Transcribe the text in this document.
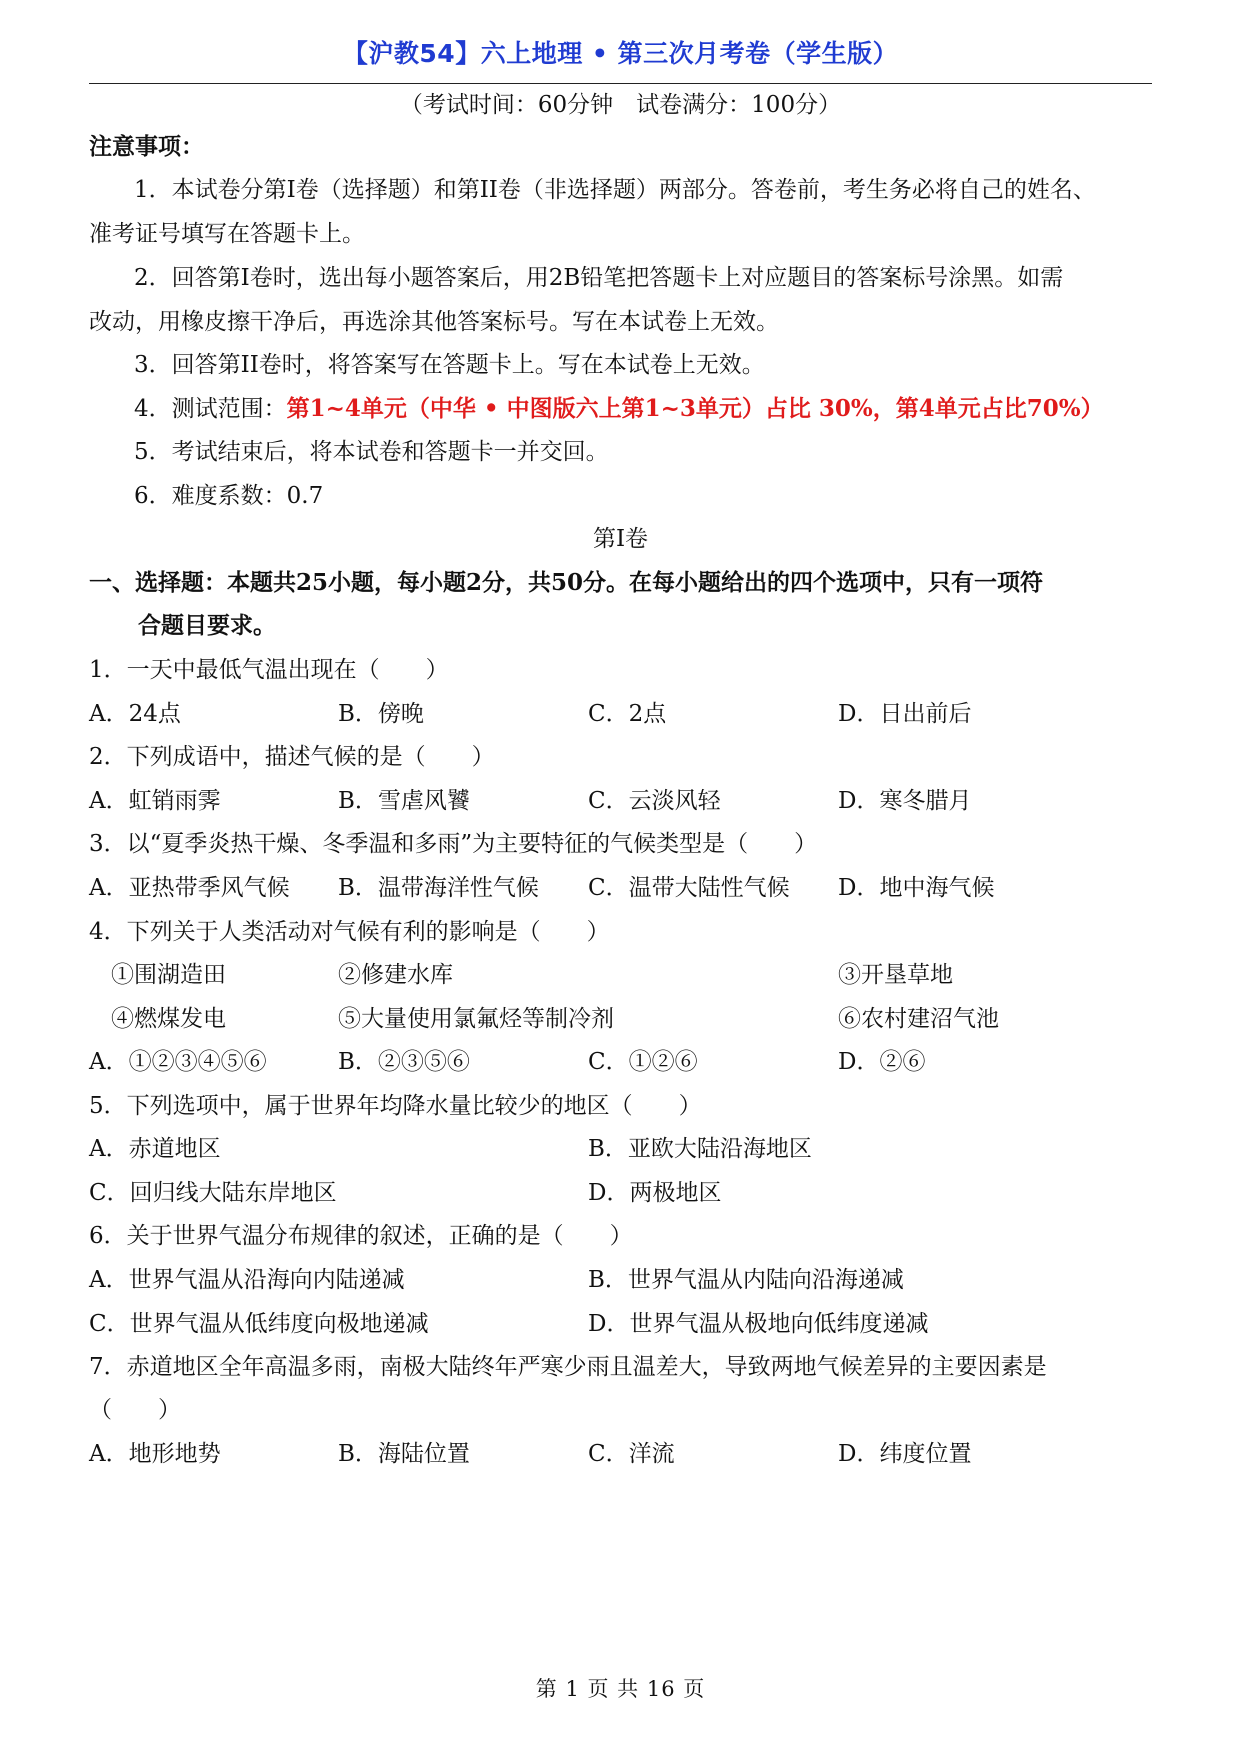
【沪教54】六上地理 • 第三次月考卷（学生版）
（考试时间：60分钟　试卷满分：100分）
注意事项：
1．本试卷分第I卷（选择题）和第II卷（非选择题）两部分。答卷前，考生务必将自己的姓名、
准考证号填写在答题卡上。
2．回答第I卷时，选出每小题答案后，用2B铅笔把答题卡上对应题目的答案标号涂黑。如需
改动，用橡皮擦干净后，再选涂其他答案标号。写在本试卷上无效。
3．回答第II卷时，将答案写在答题卡上。写在本试卷上无效。
4．测试范围：第1~4单元（中华 • 中图版六上第1~3单元）占比 30%，第4单元占比70%）
5．考试结束后，将本试卷和答题卡一并交回。
6．难度系数：0.7
第I卷
一、选择题：本题共25小题，每小题2分，共50分。在每小题给出的四个选项中，只有一项符
合题目要求。
1．一天中最低气温出现在（　　）
A．24点	B．傍晚	C．2点	D．日出前后
2．下列成语中，描述气候的是（　　）
A．虹销雨霁	B．雪虐风饕	C．云淡风轻	D．寒冬腊月
3．以“夏季炎热干燥、冬季温和多雨”为主要特征的气候类型是（　　）
A．亚热带季风气候 B．温带海洋性气候 C．温带大陆性气候 D．地中海气候
4．下列关于人类活动对气候有利的影响是（　　）
①围湖造田	②修建水库	③开垦草地
④燃煤发电	⑤大量使用氯氟烃等制冷剂	⑥农村建沼气池
A．①②③④⑤⑥	B．②③⑤⑥	C．①②⑥	D．②⑥
5．下列选项中，属于世界年均降水量比较少的地区（　　）
A．赤道地区	B．亚欧大陆沿海地区
C．回归线大陆东岸地区	D．两极地区
6．关于世界气温分布规律的叙述，正确的是（　　）
A．世界气温从沿海向内陆递减	B．世界气温从内陆向沿海递减
C．世界气温从低纬度向极地递减	D．世界气温从极地向低纬度递减
7．赤道地区全年高温多雨，南极大陆终年严寒少雨且温差大，导致两地气候差异的主要因素是
（　　）
A．地形地势	B．海陆位置	C．洋流	D．纬度位置
第 1 页 共 16 页
